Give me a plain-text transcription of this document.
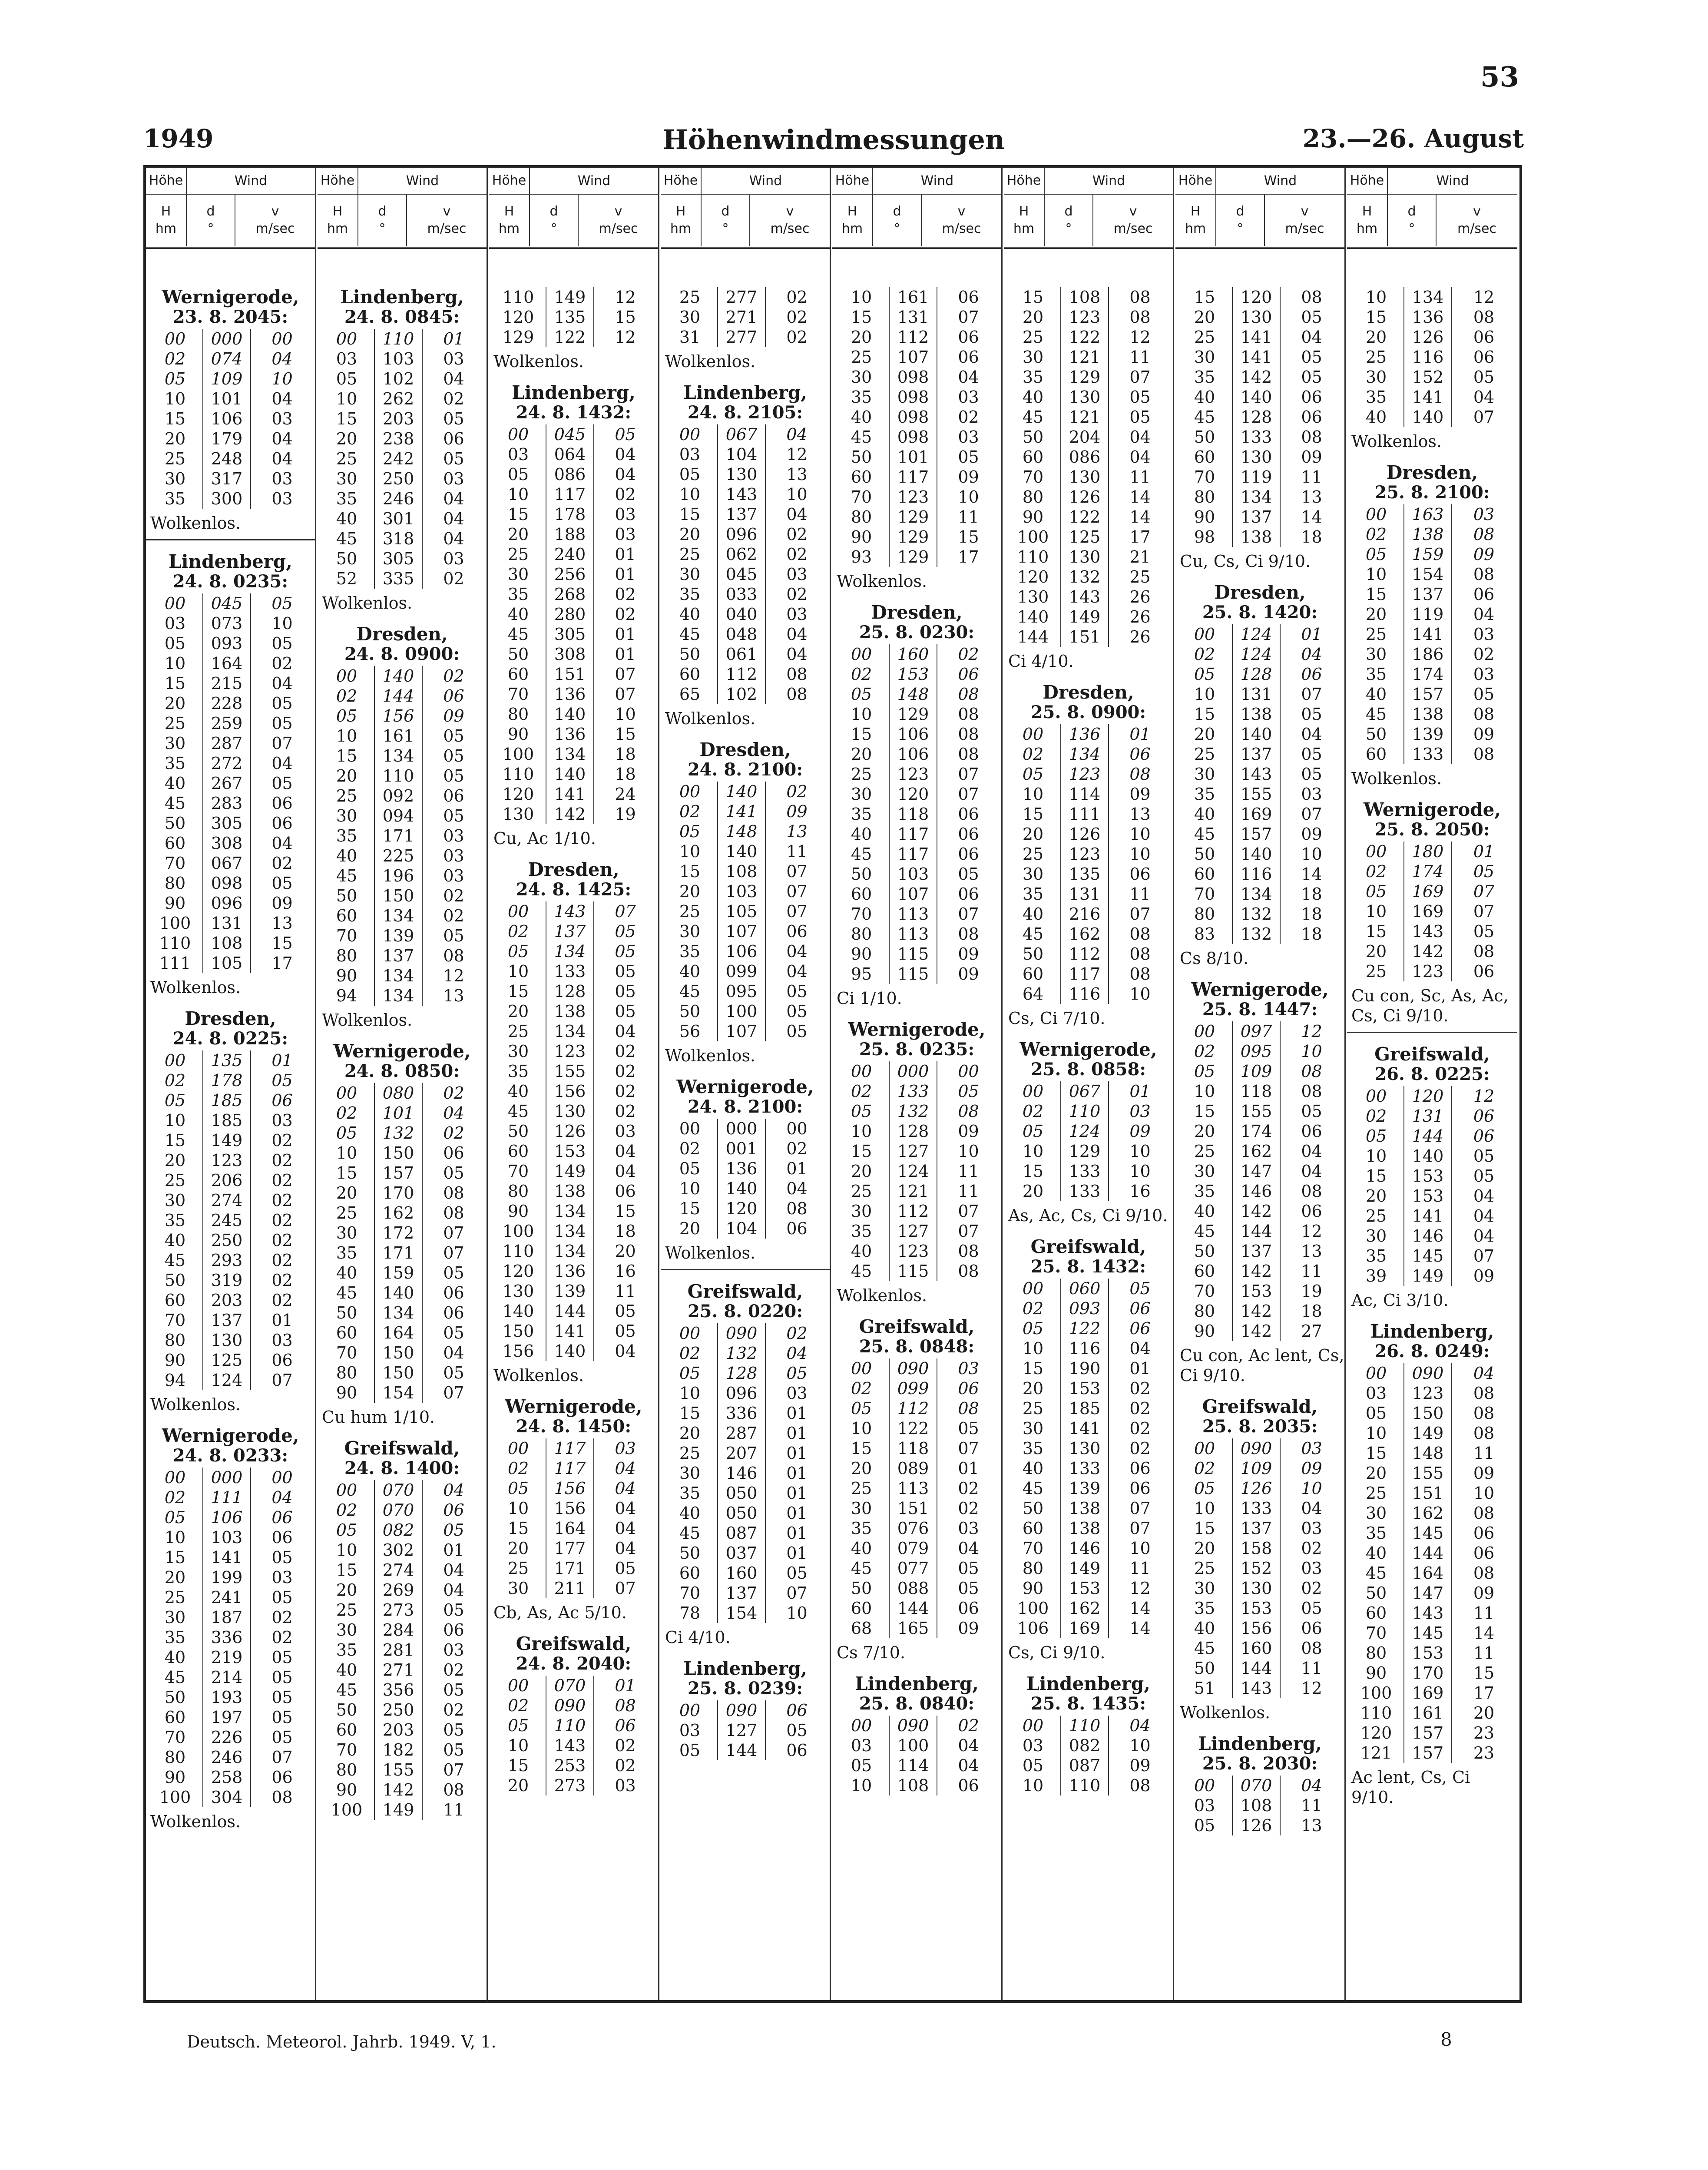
53
1949	Höhenwindmessungen	23.—26. August
Höhe	Wind
H
hm
d
°
v
m/sec
Wernigerode,
23. 8. 2045:
00	000	00
02	074	04
05	109	10
10	101	04
15	106	03
20	179	04
25	248	04
30	317	03
35	300	03
Wolkenlos.
Lindenberg,
24. 8. 0235:
00	045	05
03	073	10
05	093	05
10	164	02
15	215	04
20	228	05
25	259	05
30	287	07
35	272	04
40	267	05
45	283	06
50	305	06
60	308	04
70	067	02
80	098	05
90	096	09
100	131	13
110	108	15
111	105	17
Wolkenlos.
Dresden,
24. 8. 0225:
00	135	01
02	178	05
05	185	06
10	185	03
15	149	02
20	123	02
25	206	02
30	274	02
35	245	02
40	250	02
45	293	02
50	319	02
60	203	02
70	137	01
80	130	03
90	125	06
94	124	07
Wolkenlos.
Wernigerode,
24. 8. 0233:
00	000	00
02	111	04
05	106	06
10	103	06
15	141	05
20	199	03
25	241	05
30	187	02
35	336	02
40	219	05
45	214	05
50	193	05
60	197	05
70	226	05
80	246	07
90	258	06
100	304	08
Wolkenlos.
Höhe	Wind
H
hm
d
°
v
m/sec
Lindenberg,
24. 8. 0845:
00	110	01
03	103	03
05	102	04
10	262	02
15	203	05
20	238	06
25	242	05
30	250	03
35	246	04
40	301	04
45	318	04
50	305	03
52	335	02
Wolkenlos.
Dresden,
24. 8. 0900:
00	140	02
02	144	06
05	156	09
10	161	05
15	134	05
20	110	05
25	092	06
30	094	05
35	171	03
40	225	03
45	196	03
50	150	02
60	134	02
70	139	05
80	137	08
90	134	12
94	134	13
Wolkenlos.
Wernigerode,
24. 8. 0850:
00	080	02
02	101	04
05	132	02
10	150	06
15	157	05
20	170	08
25	162	08
30	172	07
35	171	07
40	159	05
45	140	06
50	134	06
60	164	05
70	150	04
80	150	05
90	154	07
Cu hum 1/10.
Greifswald,
24. 8. 1400:
00	070	04
02	070	06
05	082	05
10	302	01
15	274	04
20	269	04
25	273	05
30	284	06
35	281	03
40	271	02
45	356	05
50	250	02
60	203	05
70	182	05
80	155	07
90	142	08
100	149	11
Höhe	Wind
H
hm
d
°
v
m/sec
110	149	12
120	135	15
129	122	12
Wolkenlos.
Lindenberg,
24. 8. 1432:
00	045	05
03	064	04
05	086	04
10	117	02
15	178	03
20	188	03
25	240	01
30	256	01
35	268	02
40	280	02
45	305	01
50	308	01
60	151	07
70	136	07
80	140	10
90	136	15
100	134	18
110	140	18
120	141	24
130	142	19
Cu, Ac 1/10.
Dresden,
24. 8. 1425:
00	143	07
02	137	05
05	134	05
10	133	05
15	128	05
20	138	05
25	134	04
30	123	02
35	155	02
40	156	02
45	130	02
50	126	03
60	153	04
70	149	04
80	138	06
90	134	15
100	134	18
110	134	20
120	136	16
130	139	11
140	144	05
150	141	05
156	140	04
Wolkenlos.
Wernigerode,
24. 8. 1450:
00	117	03
02	117	04
05	156	04
10	156	04
15	164	04
20	177	04
25	171	05
30	211	07
Cb, As, Ac 5/10.
Greifswald,
24. 8. 2040:
00	070	01
02	090	08
05	110	06
10	143	02
15	253	02
20	273	03
Höhe	Wind
H
hm
d
°
v
m/sec
25	277	02
30	271	02
31	277	02
Wolkenlos.
Lindenberg,
24. 8. 2105:
00	067	04
03	104	12
05	130	13
10	143	10
15	137	04
20	096	02
25	062	02
30	045	03
35	033	02
40	040	03
45	048	04
50	061	04
60	112	08
65	102	08
Wolkenlos.
Dresden,
24. 8. 2100:
00	140	02
02	141	09
05	148	13
10	140	11
15	108	07
20	103	07
25	105	07
30	107	06
35	106	04
40	099	04
45	095	05
50	100	05
56	107	05
Wolkenlos.
Wernigerode,
24. 8. 2100:
00	000	00
02	001	02
05	136	01
10	140	04
15	120	08
20	104	06
Wolkenlos.
Greifswald,
25. 8. 0220:
00	090	02
02	132	04
05	128	05
10	096	03
15	336	01
20	287	01
25	207	01
30	146	01
35	050	01
40	050	01
45	087	01
50	037	01
60	160	05
70	137	07
78	154	10
Ci 4/10.
Lindenberg,
25. 8. 0239:
00	090	06
03	127	05
05	144	06
Höhe	Wind
H
hm
d
°
v
m/sec
10	161	06
15	131	07
20	112	06
25	107	06
30	098	04
35	098	03
40	098	02
45	098	03
50	101	05
60	117	09
70	123	10
80	129	11
90	129	15
93	129	17
Wolkenlos.
Dresden,
25. 8. 0230:
00	160	02
02	153	06
05	148	08
10	129	08
15	106	08
20	106	08
25	123	07
30	120	07
35	118	06
40	117	06
45	117	06
50	103	05
60	107	06
70	113	07
80	113	08
90	115	09
95	115	09
Ci 1/10.
Wernigerode,
25. 8. 0235:
00	000	00
02	133	05
05	132	08
10	128	09
15	127	10
20	124	11
25	121	11
30	112	07
35	127	07
40	123	08
45	115	08
Wolkenlos.
Greifswald,
25. 8. 0848:
00	090	03
02	099	06
05	112	08
10	122	05
15	118	07
20	089	01
25	113	02
30	151	02
35	076	03
40	079	04
45	077	05
50	088	05
60	144	06
68	165	09
Cs 7/10.
Lindenberg,
25. 8. 0840:
00	090	02
03	100	04
05	114	04
10	108	06
Höhe	Wind
H
hm
d
°
v
m/sec
15	108	08
20	123	08
25	122	12
30	121	11
35	129	07
40	130	05
45	121	05
50	204	04
60	086	04
70	130	11
80	126	14
90	122	14
100	125	17
110	130	21
120	132	25
130	143	26
140	149	26
144	151	26
Ci 4/10.
Dresden,
25. 8. 0900:
00	136	01
02	134	06
05	123	08
10	114	09
15	111	13
20	126	10
25	123	10
30	135	06
35	131	11
40	216	07
45	162	08
50	112	08
60	117	08
64	116	10
Cs, Ci 7/10.
Wernigerode,
25. 8. 0858:
00	067	01
02	110	03
05	124	09
10	129	10
15	133	10
20	133	16
As, Ac, Cs, Ci 9/10.
Greifswald,
25. 8. 1432:
00	060	05
02	093	06
05	122	06
10	116	04
15	190	01
20	153	02
25	185	02
30	141	02
35	130	02
40	133	06
45	139	06
50	138	07
60	138	07
70	146	10
80	149	11
90	153	12
100	162	14
106	169	14
Cs, Ci 9/10.
Lindenberg,
25. 8. 1435:
00	110	04
03	082	10
05	087	09
10	110	08
Höhe	Wind
H
hm
d
°
v
m/sec
15	120	08
20	130	05
25	141	04
30	141	05
35	142	05
40	140	06
45	128	06
50	133	08
60	130	09
70	119	11
80	134	13
90	137	14
98	138	18
Cu, Cs, Ci 9/10.
Dresden,
25. 8. 1420:
00	124	01
02	124	04
05	128	06
10	131	07
15	138	05
20	140	04
25	137	05
30	143	05
35	155	03
40	169	07
45	157	09
50	140	10
60	116	14
70	134	18
80	132	18
83	132	18
Cs 8/10.
Wernigerode,
25. 8. 1447:
00	097	12
02	095	10
05	109	08
10	118	08
15	155	05
20	174	06
25	162	04
30	147	04
35	146	08
40	142	06
45	144	12
50	137	13
60	142	11
70	153	19
80	142	18
90	142	27
Cu con, Ac lent, Cs, Ci 9/10.
Greifswald,
25. 8. 2035:
00	090	03
02	109	09
05	126	10
10	133	04
15	137	03
20	158	02
25	152	03
30	130	02
35	153	05
40	156	06
45	160	08
50	144	11
51	143	12
Wolkenlos.
Lindenberg,
25. 8. 2030:
00	070	04
03	108	11
05	126	13
Höhe	Wind
H
hm
d
°
v
m/sec
10	134	12
15	136	08
20	126	06
25	116	06
30	152	05
35	141	04
40	140	07
Wolkenlos.
Dresden,
25. 8. 2100:
00	163	03
02	138	08
05	159	09
10	154	08
15	137	06
20	119	04
25	141	03
30	186	02
35	174	03
40	157	05
45	138	08
50	139	09
60	133	08
Wolkenlos.
Wernigerode,
25. 8. 2050:
00	180	01
02	174	05
05	169	07
10	169	07
15	143	05
20	142	08
25	123	06
Cu con, Sc, As, Ac, Cs, Ci 9/10.
Greifswald,
26. 8. 0225:
00	120	12
02	131	06
05	144	06
10	140	05
15	153	05
20	153	04
25	141	04
30	146	04
35	145	07
39	149	09
Ac, Ci 3/10.
Lindenberg,
26. 8. 0249:
00	090	04
03	123	08
05	150	08
10	149	08
15	148	11
20	155	09
25	151	10
30	162	08
35	145	06
40	144	06
45	164	08
50	147	09
60	143	11
70	145	14
80	153	11
90	170	15
100	169	17
110	161	20
120	157	23
121	157	23
Ac lent, Cs, Ci 9/10.
Deutsch. Meteorol. Jahrb. 1949. V, 1.	8
